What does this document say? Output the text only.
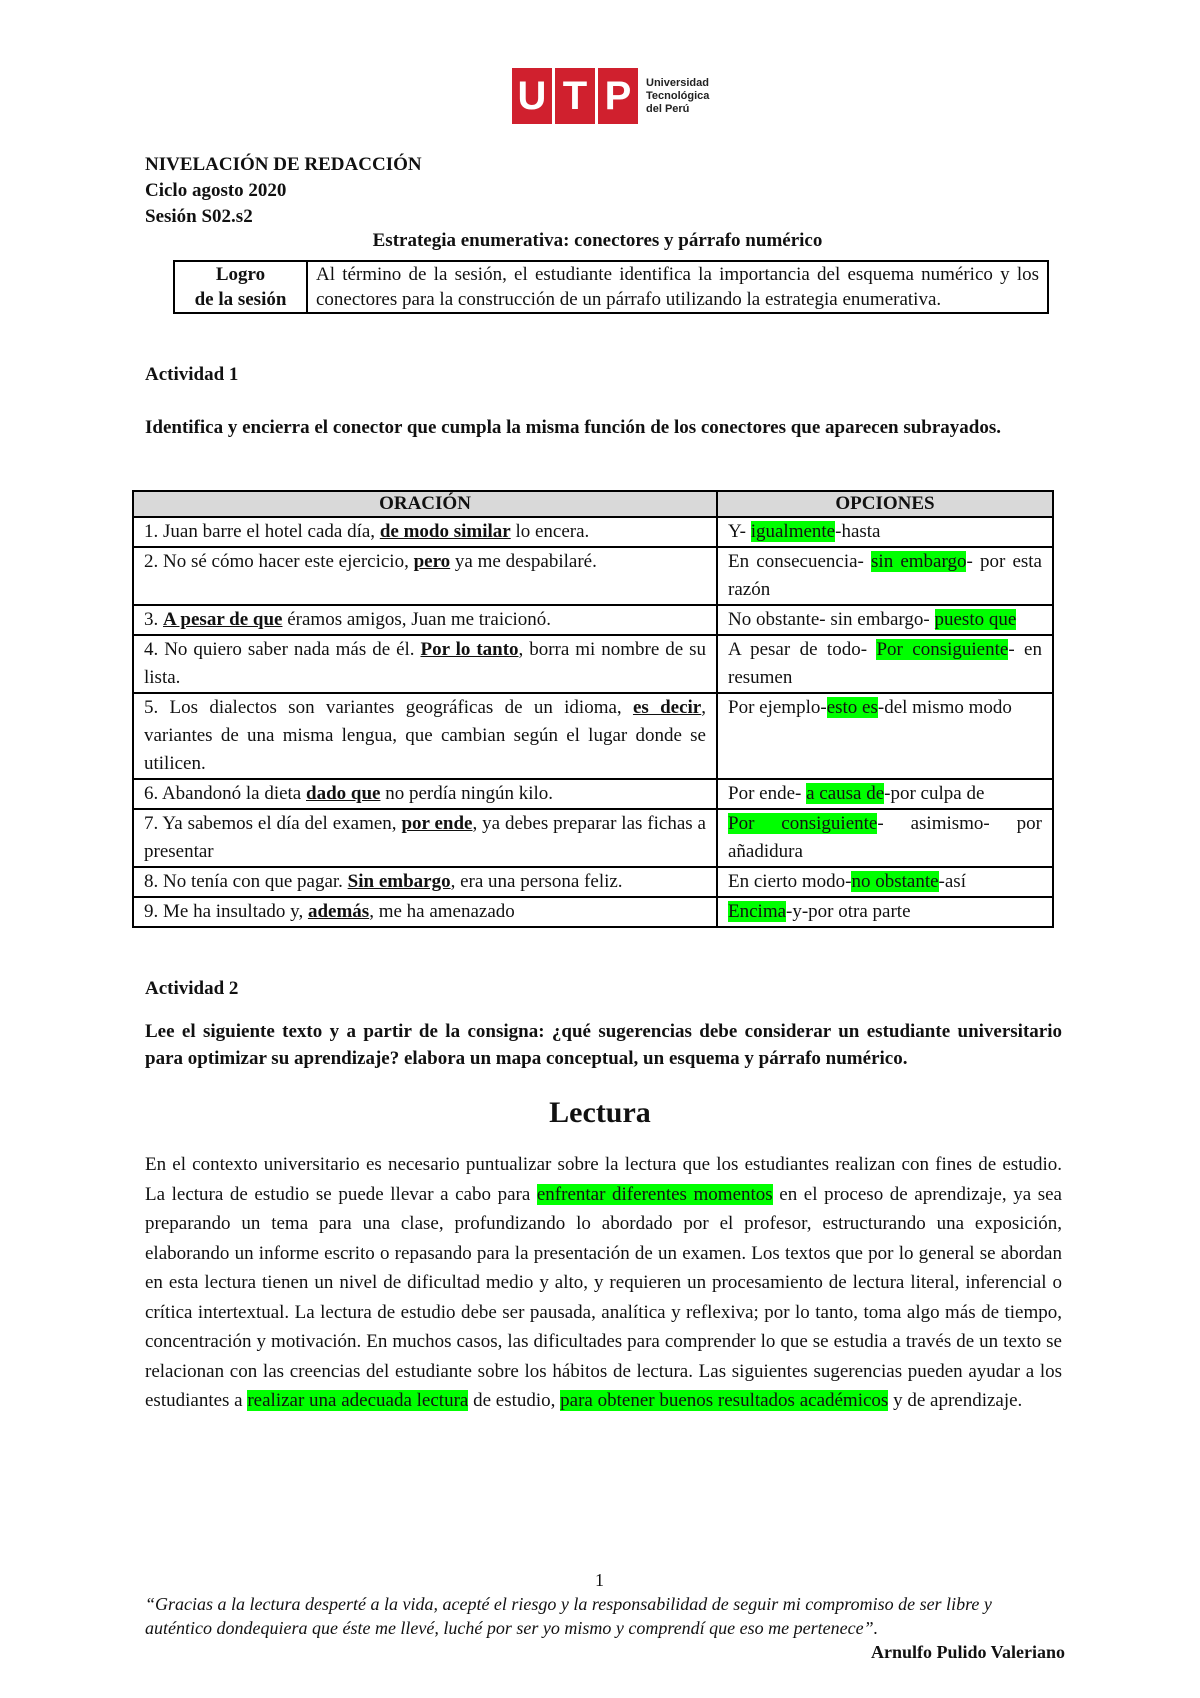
U T P	Universidad
Tecnológica
del Perú
NIVELACIÓN DE REDACCIÓN
Ciclo agosto 2020
Sesión S02.s2
Estrategia enumerativa: conectores y párrafo numérico
Logro
de la sesión
	Al término de la sesión, el estudiante identifica la importancia del esquema numérico y los conectores para la construcción de un párrafo utilizando la estrategia enumerativa.
Actividad 1
Identifica y encierra el conector que cumpla la misma función de los conectores que aparecen subrayados.
ORACIÓN	OPCIONES
1. Juan barre el hotel cada día, de modo similar lo encera.	Y- igualmente-hasta
2. No sé cómo hacer este ejercicio, pero ya me despabilaré.	En consecuencia- sin embargo- por esta razón
3. A pesar de que éramos amigos, Juan me traicionó.	No obstante- sin embargo- puesto que
4. No quiero saber nada más de él. Por lo tanto, borra mi nombre de su lista.	A pesar de todo- Por consiguiente- en resumen
5. Los dialectos son variantes geográficas de un idioma, es decir, variantes de una misma lengua, que cambian según el lugar donde se utilicen.	Por ejemplo-esto es-del mismo modo
6. Abandonó la dieta dado que no perdía ningún kilo.	Por ende- a causa de-por culpa de
7. Ya sabemos el día del examen, por ende, ya debes preparar las fichas a presentar	Por consiguiente- asimismo- por añadidura
8. No tenía con que pagar. Sin embargo, era una persona feliz.	En cierto modo-no obstante-así
9. Me ha insultado y, además, me ha amenazado	Encima-y-por otra parte
Actividad 2
Lee el siguiente texto y a partir de la consigna: ¿qué sugerencias debe considerar un estudiante universitario para optimizar su aprendizaje? elabora un mapa conceptual, un esquema y párrafo numérico.
Lectura
En el contexto universitario es necesario puntualizar sobre la lectura que los estudiantes realizan con fines de estudio. La lectura de estudio se puede llevar a cabo para enfrentar diferentes momentos en el proceso de aprendizaje, ya sea preparando un tema para una clase, profundizando lo abordado por el profesor, estructurando una exposición, elaborando un informe escrito o repasando para la presentación de un examen. Los textos que por lo general se abordan en esta lectura tienen un nivel de dificultad medio y alto, y requieren un procesamiento de lectura literal, inferencial o crítica intertextual. La lectura de estudio debe ser pausada, analítica y reflexiva; por lo tanto, toma algo más de tiempo, concentración y motivación. En muchos casos, las dificultades para comprender lo que se estudia a través de un texto se relacionan con las creencias del estudiante sobre los hábitos de lectura. Las siguientes sugerencias pueden ayudar a los estudiantes a realizar una adecuada lectura de estudio, para obtener buenos resultados académicos y de aprendizaje.
1
“Gracias a la lectura desperté a la vida, acepté el riesgo y la responsabilidad de seguir mi compromiso de ser libre y auténtico dondequiera que éste me llevé, luché por ser yo mismo y comprendí que eso me pertenece”.
Arnulfo Pulido Valeriano
